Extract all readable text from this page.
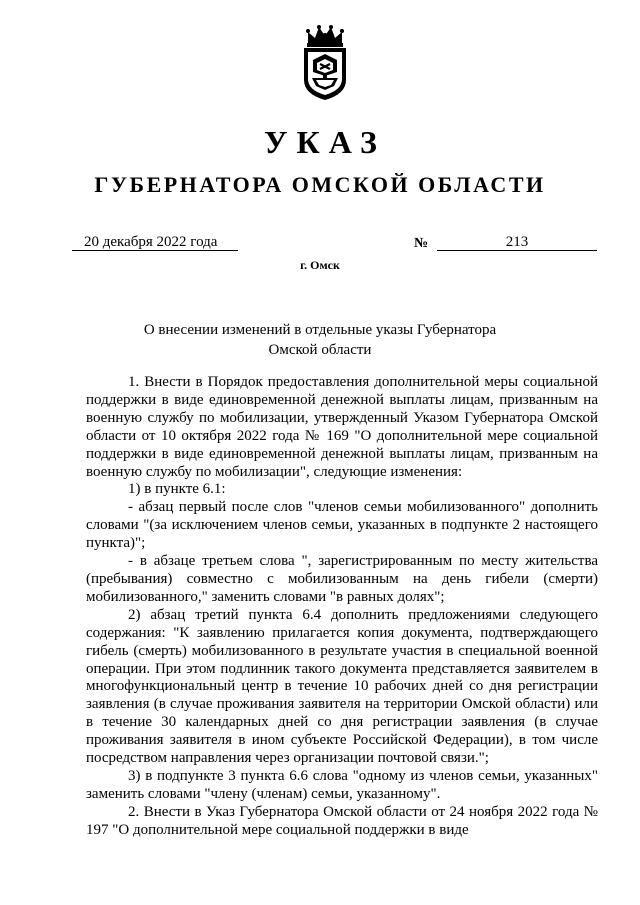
УКАЗ
ГУБЕРНАТОРА ОМСКОЙ ОБЛАСТИ
20 декабря 2022 года	№	213
г. Омск
О внесении изменений в отдельные указы Губернатора
Омской области

1. Внести в Порядок предоставления дополнительной меры социальной поддержки в виде единовременной денежной выплаты лицам, призванным на военную службу по мобилизации, утвержденный Указом Губернатора Омской области от 10 октября 2022 года № 169 "О дополнительной мере социальной поддержки в виде единовременной денежной выплаты лицам, призванным на военную службу по мобилизации", следующие изменения:

1) в пункте 6.1:

- абзац первый после слов "членов семьи мобилизованного" дополнить словами "(за исключением членов семьи, указанных в подпункте 2 настоящего пункта)";

- в абзаце третьем слова ", зарегистрированным по месту жительства (пребывания) совместно с мобилизованным на день гибели (смерти) мобилизованного," заменить словами "в равных долях";

2) абзац третий пункта 6.4 дополнить предложениями следующего содержания: "К заявлению прилагается копия документа, подтверждающего гибель (смерть) мобилизованного в результате участия в специальной военной операции. При этом подлинник такого документа представляется заявителем в многофункциональный центр в течение 10 рабочих дней со дня регистрации заявления (в случае проживания заявителя на территории Омской области) или в течение 30 календарных дней со дня регистрации заявления (в случае проживания заявителя в ином субъекте Российской Федерации), в том числе посредством направления через организации почтовой связи.";

3) в подпункте 3 пункта 6.6 слова "одному из членов семьи, указанных" заменить словами "члену (членам) семьи, указанному".

2. Внести в Указ Губернатора Омской области от 24 ноября 2022 года № 197 "О дополнительной мере социальной поддержки в виде
